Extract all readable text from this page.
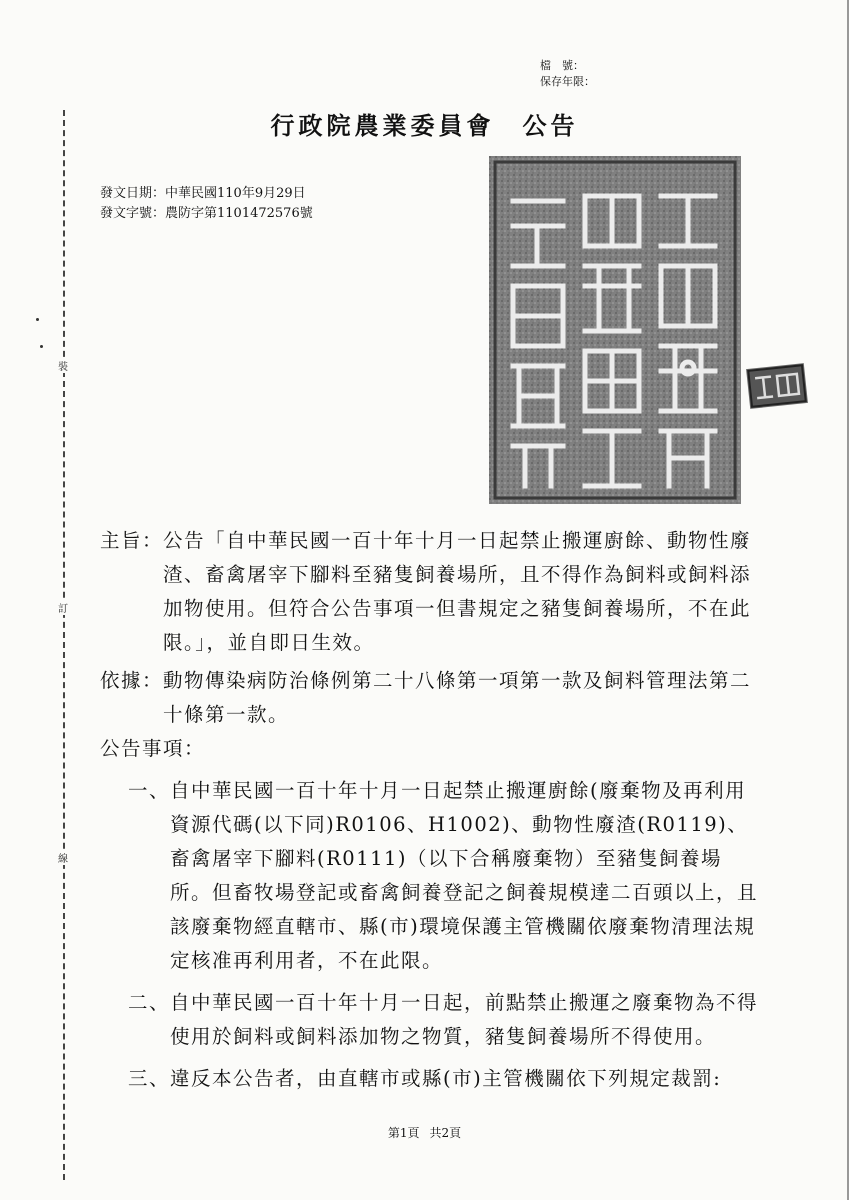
裝
訂
線
檔　號：
保存年限：
行政院農業委員會 公告
發文日期：中華民國110年9月29日
發文字號：農防字第1101472576號
主旨： 公告「自中華民國一百十年十月一日起禁止搬運廚餘、動物性廢渣、畜禽屠宰下腳料至豬隻飼養場所，且不得作為飼料或飼料添加物使用。但符合公告事項一但書規定之豬隻飼養場所，不在此限。」，並自即日生效。
依據： 動物傳染病防治條例第二十八條第一項第一款及飼料管理法第二十條第一款。
公告事項：
一、 自中華民國一百十年十月一日起禁止搬運廚餘(廢棄物及再利用資源代碼(以下同)R0106、H1002)、動物性廢渣(R0119)、畜禽屠宰下腳料(R0111)（以下合稱廢棄物）至豬隻飼養場所。但畜牧場登記或畜禽飼養登記之飼養規模達二百頭以上，且該廢棄物經直轄市、縣(市)環境保護主管機關依廢棄物清理法規定核准再利用者，不在此限。
二、 自中華民國一百十年十月一日起，前點禁止搬運之廢棄物為不得使用於飼料或飼料添加物之物質，豬隻飼養場所不得使用。
三、 違反本公告者，由直轄市或縣(市)主管機關依下列規定裁罰:
第1頁 共2頁
